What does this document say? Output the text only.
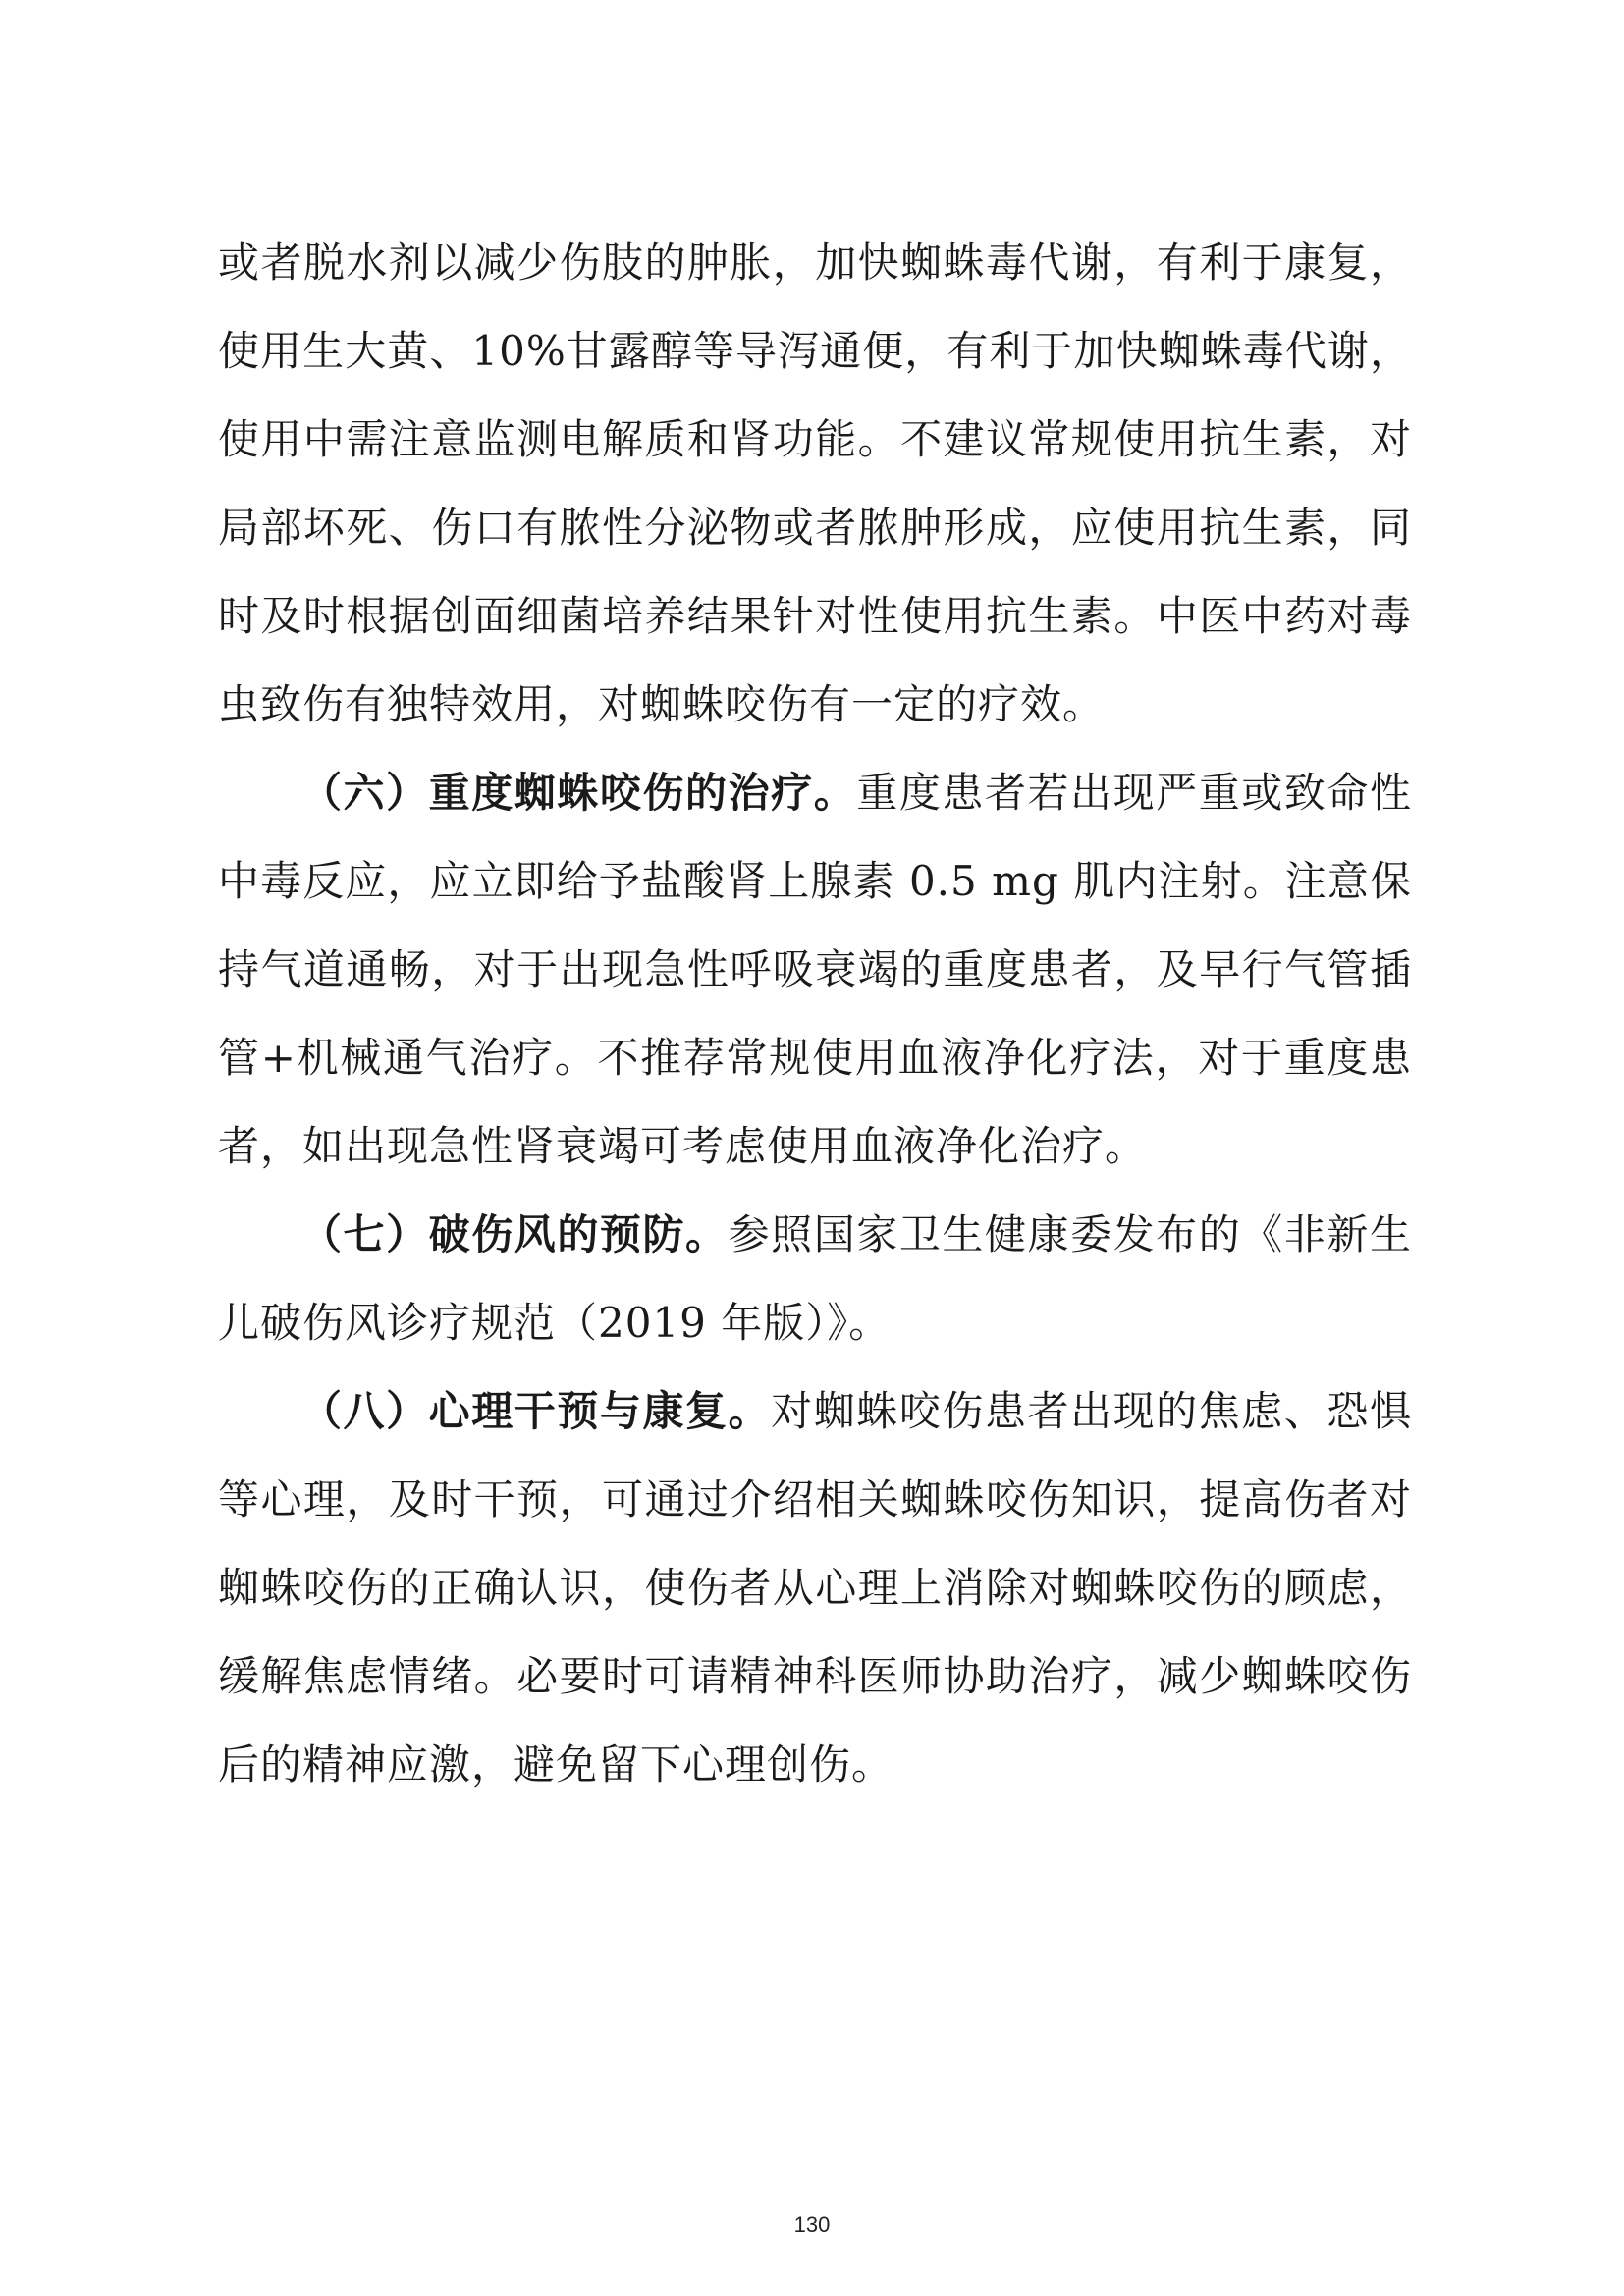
或者脱水剂以减少伤肢的肿胀，加快蜘蛛毒代谢，有利于康复，使用生大黄、10%甘露醇等导泻通便，有利于加快蜘蛛毒代谢，使用中需注意监测电解质和肾功能。不建议常规使用抗生素，对局部坏死、伤口有脓性分泌物或者脓肿形成，应使用抗生素，同时及时根据创面细菌培养结果针对性使用抗生素。中医中药对毒虫致伤有独特效用，对蜘蛛咬伤有一定的疗效。

（六）重度蜘蛛咬伤的治疗。重度患者若出现严重或致命性中毒反应，应立即给予盐酸肾上腺素 0.5 mg 肌内注射。注意保持气道通畅，对于出现急性呼吸衰竭的重度患者，及早行气管插管+机械通气治疗。不推荐常规使用血液净化疗法，对于重度患者，如出现急性肾衰竭可考虑使用血液净化治疗。

（七）破伤风的预防。参照国家卫生健康委发布的《非新生儿破伤风诊疗规范（2019 年版）》。

（八）心理干预与康复。对蜘蛛咬伤患者出现的焦虑、恐惧等心理，及时干预，可通过介绍相关蜘蛛咬伤知识，提高伤者对蜘蛛咬伤的正确认识，使伤者从心理上消除对蜘蛛咬伤的顾虑，缓解焦虑情绪。必要时可请精神科医师协助治疗，减少蜘蛛咬伤后的精神应激，避免留下心理创伤。

130
